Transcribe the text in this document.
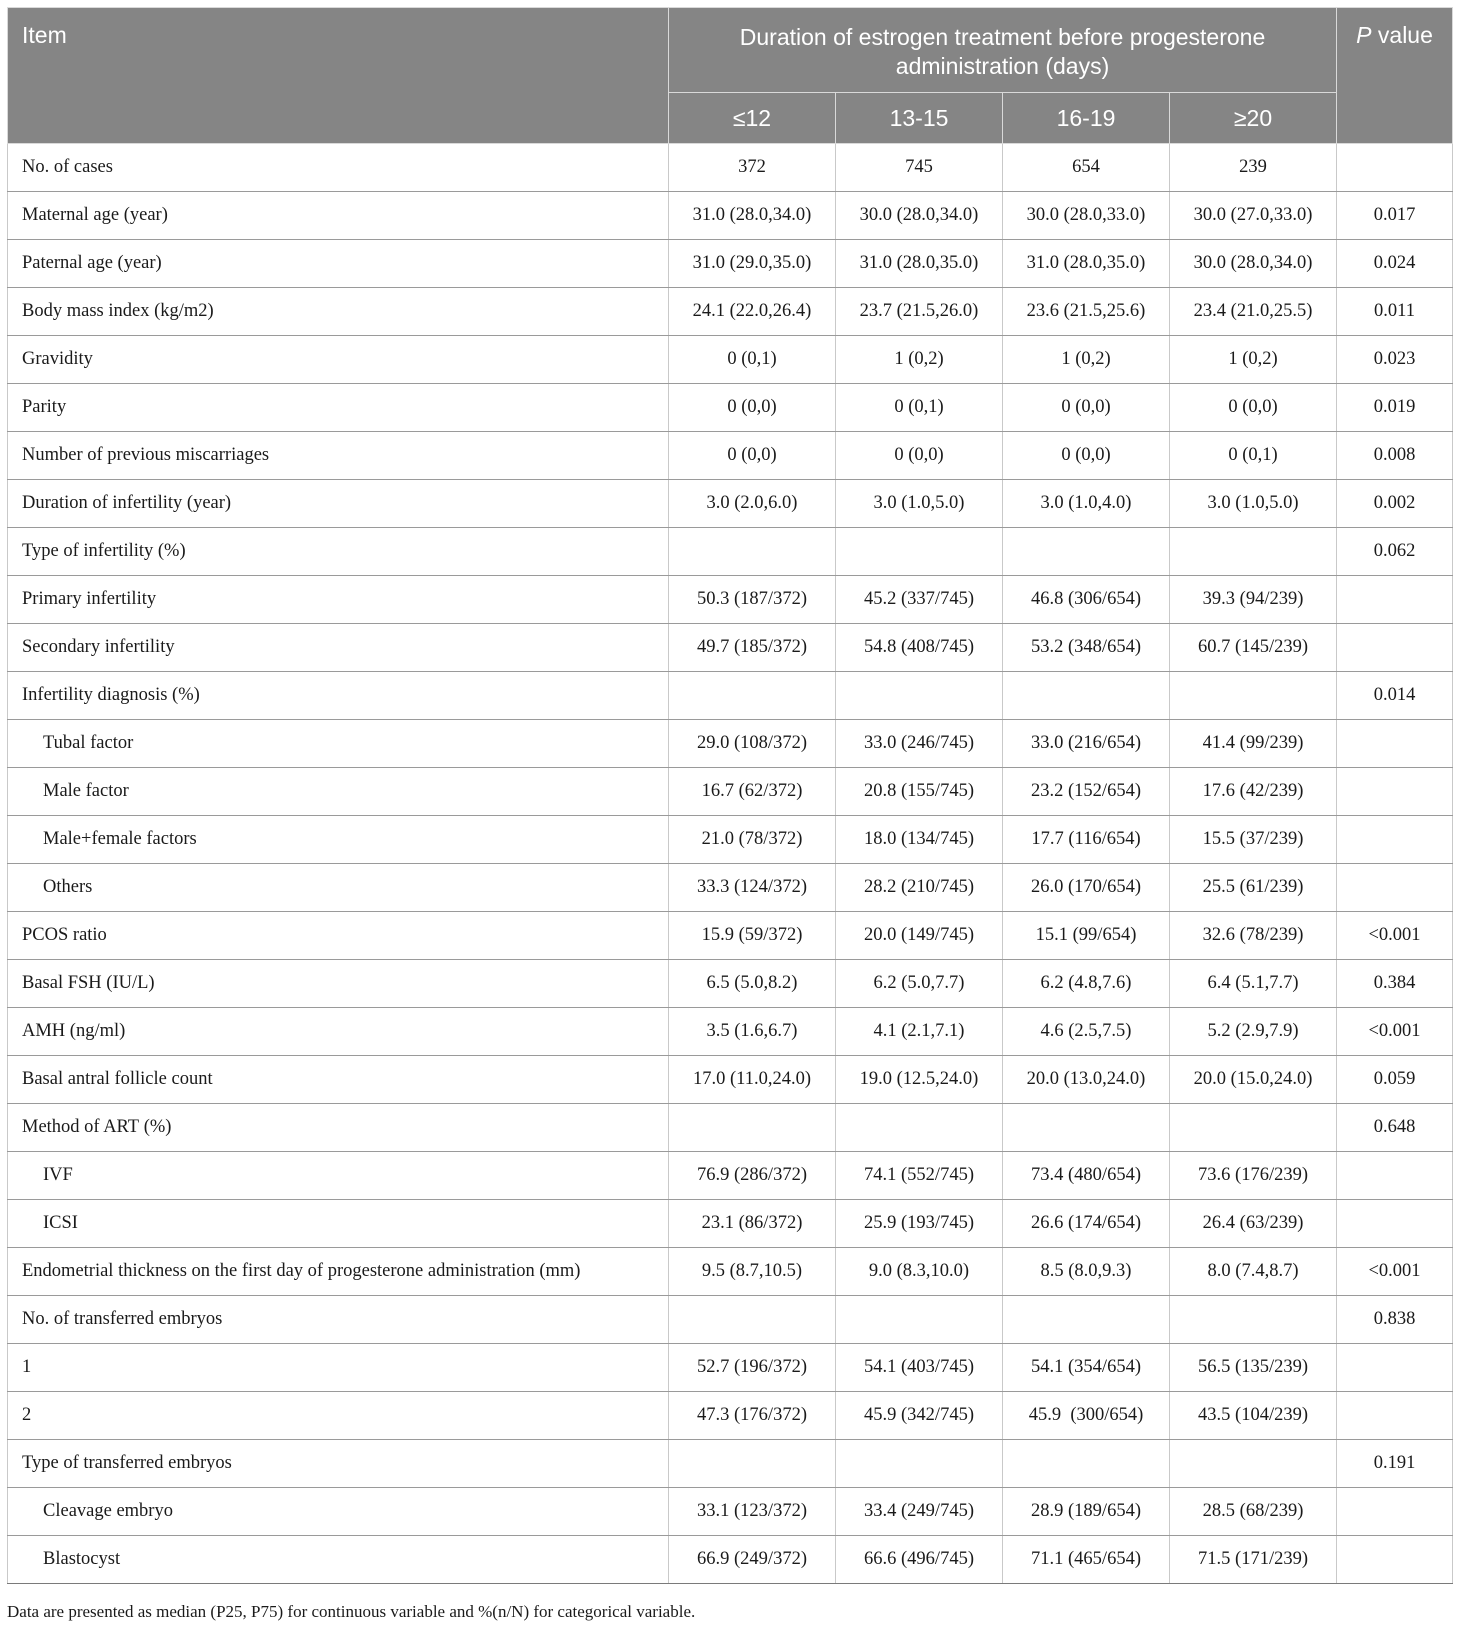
Item	Duration of estrogen treatment before progesterone administration (days)				P value
	≤12	13-15	16-19	≥20	
No. of cases	372	745	654	239	
Maternal age (year)	31.0 (28.0,34.0)	30.0 (28.0,34.0)	30.0 (28.0,33.0)	30.0 (27.0,33.0)	0.017
Paternal age (year)	31.0 (29.0,35.0)	31.0 (28.0,35.0)	31.0 (28.0,35.0)	30.0 (28.0,34.0)	0.024
Body mass index (kg/m2)	24.1 (22.0,26.4)	23.7 (21.5,26.0)	23.6 (21.5,25.6)	23.4 (21.0,25.5)	0.011
Gravidity	0 (0,1)	1 (0,2)	1 (0,2)	1 (0,2)	0.023
Parity	0 (0,0)	0 (0,1)	0 (0,0)	0 (0,0)	0.019
Number of previous miscarriages	0 (0,0)	0 (0,0)	0 (0,0)	0 (0,1)	0.008
Duration of infertility (year)	3.0 (2.0,6.0)	3.0 (1.0,5.0)	3.0 (1.0,4.0)	3.0 (1.0,5.0)	0.002
Type of infertility (%)					0.062
Primary infertility	50.3 (187/372)	45.2 (337/745)	46.8 (306/654)	39.3 (94/239)	
Secondary infertility	49.7 (185/372)	54.8 (408/745)	53.2 (348/654)	60.7 (145/239)	
Infertility diagnosis (%)					0.014
Tubal factor	29.0 (108/372)	33.0 (246/745)	33.0 (216/654)	41.4 (99/239)	
Male factor	16.7 (62/372)	20.8 (155/745)	23.2 (152/654)	17.6 (42/239)	
Male+female factors	21.0 (78/372)	18.0 (134/745)	17.7 (116/654)	15.5 (37/239)	
Others	33.3 (124/372)	28.2 (210/745)	26.0 (170/654)	25.5 (61/239)	
PCOS ratio	15.9 (59/372)	20.0 (149/745)	15.1 (99/654)	32.6 (78/239)	<0.001
Basal FSH (IU/L)	6.5 (5.0,8.2)	6.2 (5.0,7.7)	6.2 (4.8,7.6)	6.4 (5.1,7.7)	0.384
AMH (ng/ml)	3.5 (1.6,6.7)	4.1 (2.1,7.1)	4.6 (2.5,7.5)	5.2 (2.9,7.9)	<0.001
Basal antral follicle count	17.0 (11.0,24.0)	19.0 (12.5,24.0)	20.0 (13.0,24.0)	20.0 (15.0,24.0)	0.059
Method of ART (%)					0.648
IVF	76.9 (286/372)	74.1 (552/745)	73.4 (480/654)	73.6 (176/239)	
ICSI	23.1 (86/372)	25.9 (193/745)	26.6 (174/654)	26.4 (63/239)	
Endometrial thickness on the first day of progesterone administration (mm)	9.5 (8.7,10.5)	9.0 (8.3,10.0)	8.5 (8.0,9.3)	8.0 (7.4,8.7)	<0.001
No. of transferred embryos					0.838
1	52.7 (196/372)	54.1 (403/745)	54.1 (354/654)	56.5 (135/239)	
2	47.3 (176/372)	45.9 (342/745)	45.9  (300/654)	43.5 (104/239)	
Type of transferred embryos					0.191
Cleavage embryo	33.1 (123/372)	33.4 (249/745)	28.9 (189/654)	28.5 (68/239)	
Blastocyst	66.9 (249/372)	66.6 (496/745)	71.1 (465/654)	71.5 (171/239)	
Data are presented as median (P25, P75) for continuous variable and %(n/N) for categorical variable.
